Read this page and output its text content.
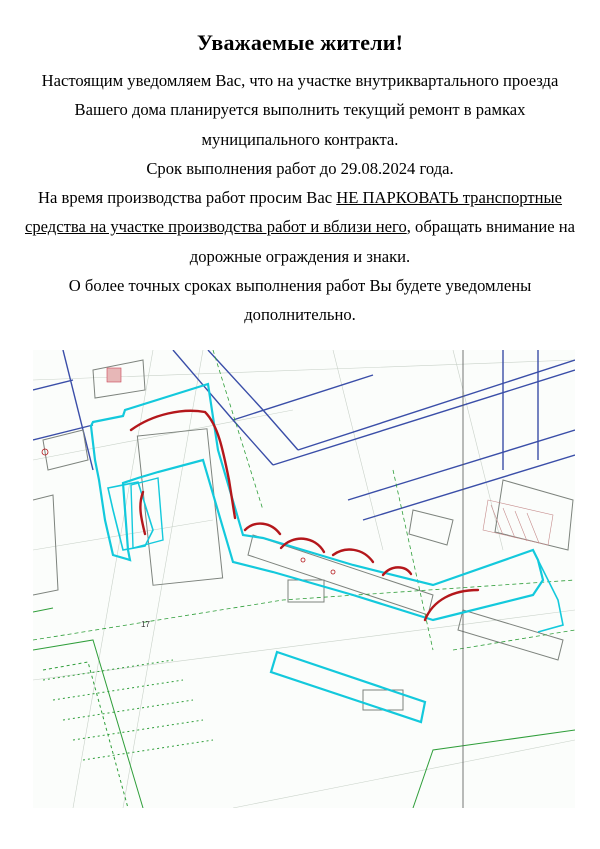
Уважаемые жители!

Настоящим уведомляем Вас, что на участке внутриквартального проезда Вашего дома планируется выполнить текущий ремонт в рамках муниципального контракта.

Срок выполнения работ до 29.08.2024 года.

На время производства работ просим Вас НЕ ПАРКОВАТЬ транспортные средства на участке производства работ и вблизи него, обращать внимание на дорожные ограждения и знаки.

О более точных сроках выполнения работ Вы будете уведомлены дополнительно.

17
